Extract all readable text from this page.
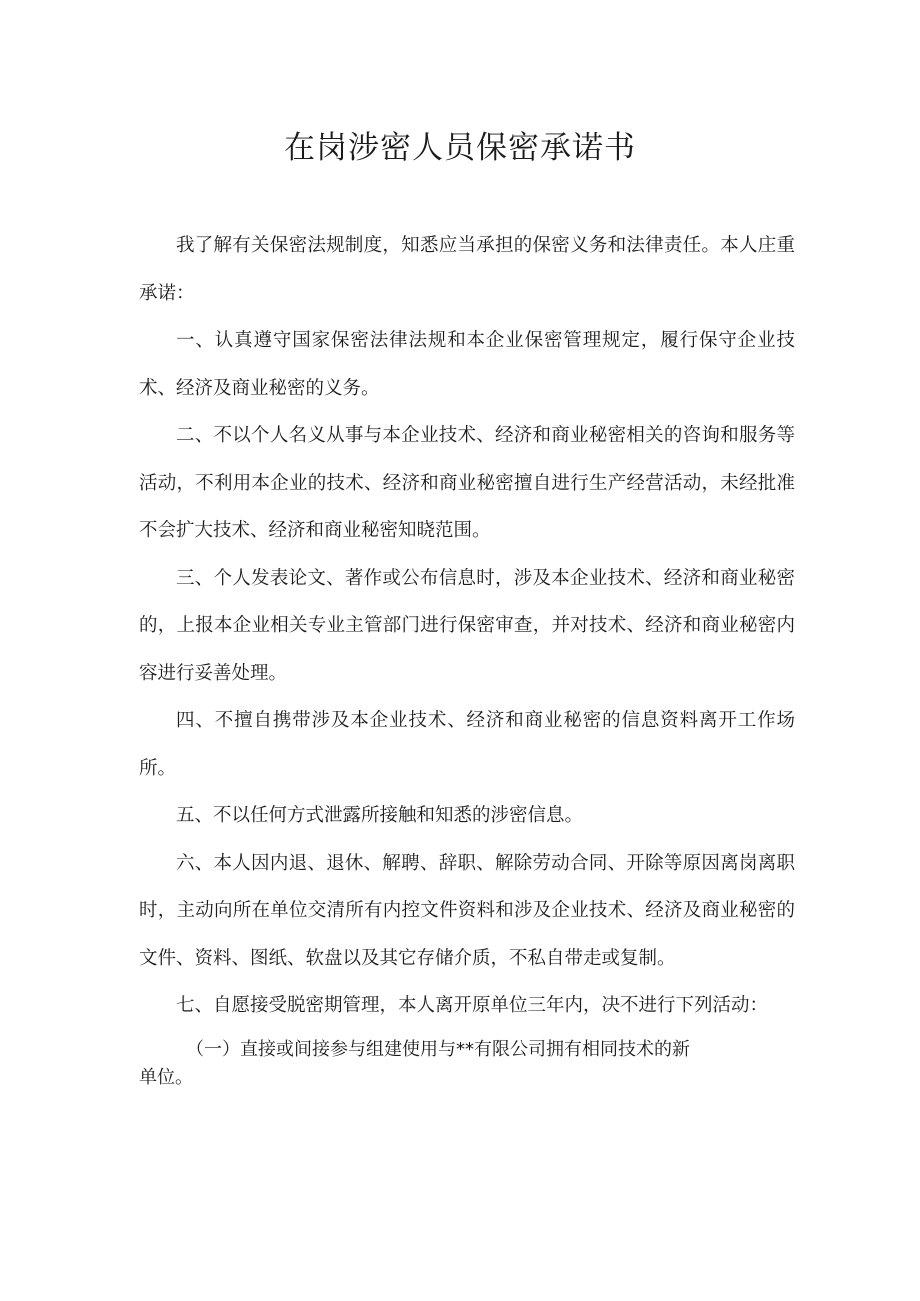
在岗涉密人员保密承诺书

我了解有关保密法规制度，知悉应当承担的保密义务和法律责任。本人庄重承诺：

一、认真遵守国家保密法律法规和本企业保密管理规定，履行保守企业技术、经济及商业秘密的义务。

二、不以个人名义从事与本企业技术、经济和商业秘密相关的咨询和服务等活动，不利用本企业的技术、经济和商业秘密擅自进行生产经营活动，未经批准不会扩大技术、经济和商业秘密知晓范围。

三、个人发表论文、著作或公布信息时，涉及本企业技术、经济和商业秘密的，上报本企业相关专业主管部门进行保密审查，并对技术、经济和商业秘密内容进行妥善处理。

四、不擅自携带涉及本企业技术、经济和商业秘密的信息资料离开工作场所。

五、不以任何方式泄露所接触和知悉的涉密信息。

六、本人因内退、退休、解聘、辞职、解除劳动合同、开除等原因离岗离职时，主动向所在单位交清所有内控文件资料和涉及企业技术、经济及商业秘密的文件、资料、图纸、软盘以及其它存储介质，不私自带走或复制。

七、自愿接受脱密期管理，本人离开原单位三年内，决不进行下列活动：

（一）直接或间接参与组建使用与**有限公司拥有相同技术的新
单位。
